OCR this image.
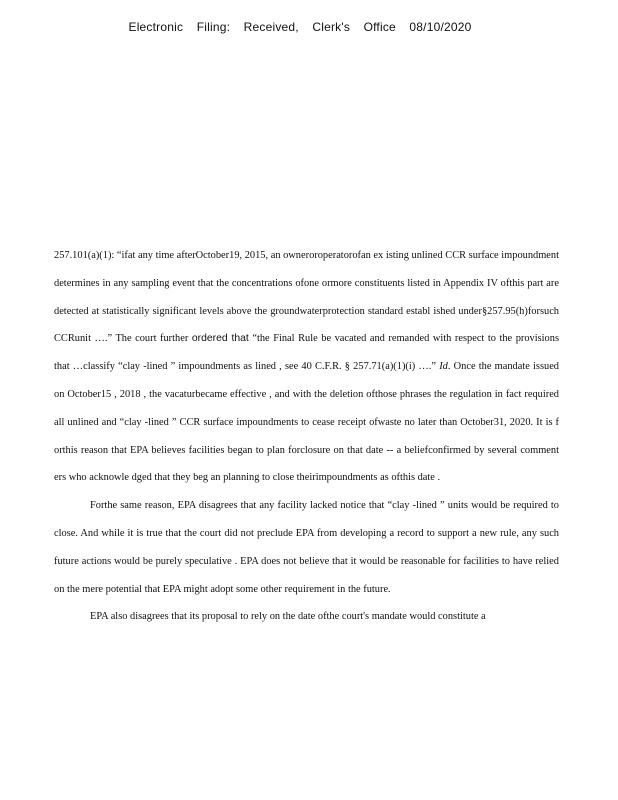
Electronic Filing: Received, Clerk's Office 08/10/2020

257.101(a)(1): “ifat any time afterOctober19, 2015, an owneroroperatorofan ex isting unlined CCR surface impoundment determines in any sampling event that the concentrations ofone ormore constituents listed in Appendix IV ofthis part are detected at statistically significant levels above the groundwaterprotection standard establ ished under§257.95(h)forsuch CCRunit ….” The court further ordered that “the Final Rule be vacated and remanded with respect to the provisions that …classify “clay -lined ” impoundments as lined , see 40 C.F.R. § 257.71(a)(1)(i) ….” Id. Once the mandate issued on October15 , 2018 , the vacaturbecame effective , and with the deletion ofthose phrases the regulation in fact required all unlined and “clay -lined ” CCR surface impoundments to cease receipt ofwaste no later than October31, 2020. It is f orthis reason that EPA believes facilities began to plan forclosure on that date -- a beliefconfirmed by several comment ers who acknowle dged that they beg an planning to close theirimpoundments as ofthis date .

Forthe same reason, EPA disagrees that any facility lacked notice that “clay -lined ” units would be required to close. And while it is true that the court did not preclude EPA from developing a record to support a new rule, any such future actions would be purely speculative . EPA does not believe that it would be reasonable for facilities to have relied on the mere potential that EPA might adopt some other requirement in the future.

EPA also disagrees that its proposal to rely on the date ofthe court's mandate would constitute a
